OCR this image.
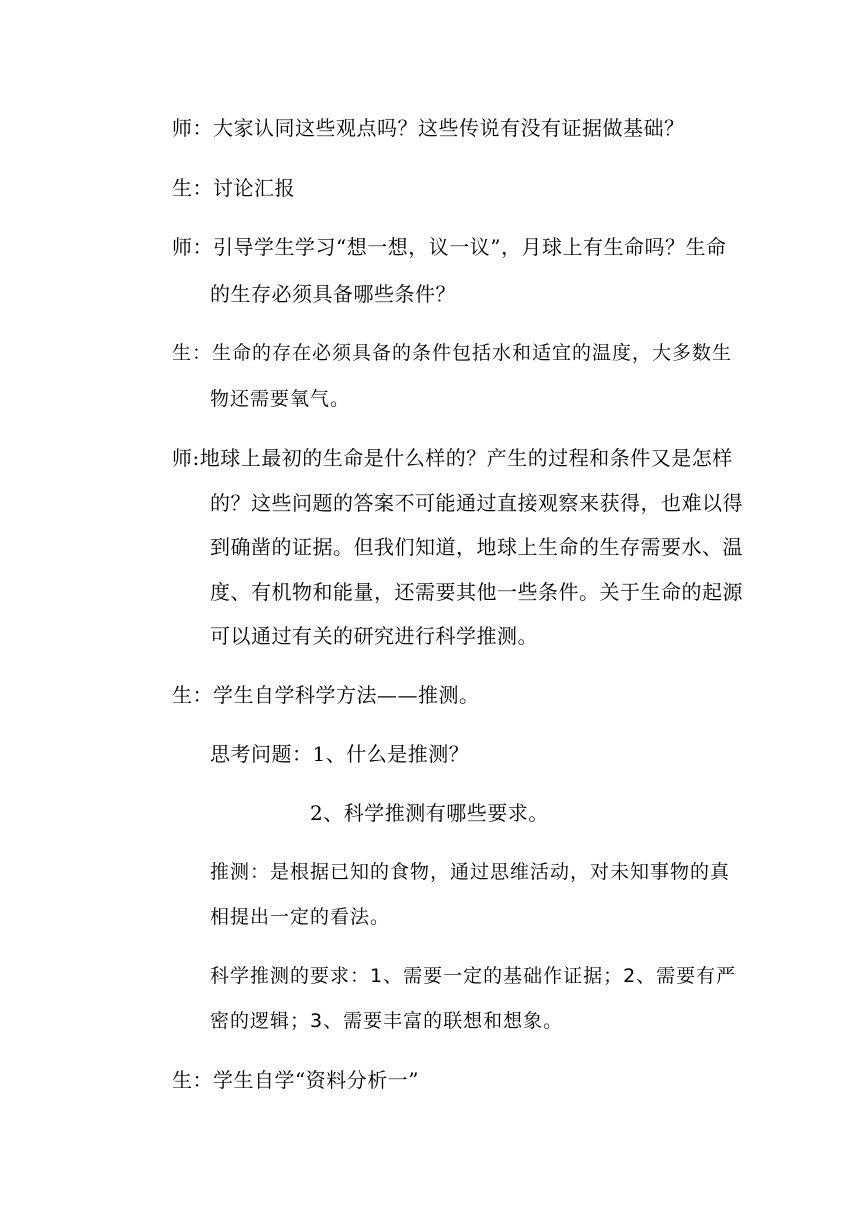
师：大家认同这些观点吗？这些传说有没有证据做基础？
生：讨论汇报
师：引导学生学习“想一想，议一议”，月球上有生命吗？生命
的生存必须具备哪些条件？
生：生命的存在必须具备的条件包括水和适宜的温度，大多数生
物还需要氧气。
师:地球上最初的生命是什么样的？产生的过程和条件又是怎样
的？这些问题的答案不可能通过直接观察来获得，也难以得
到确凿的证据。但我们知道，地球上生命的生存需要水、温
度、有机物和能量，还需要其他一些条件。关于生命的起源
可以通过有关的研究进行科学推测。
生：学生自学科学方法——推测。
思考问题：1、什么是推测？
2、科学推测有哪些要求。
推测：是根据已知的食物，通过思维活动，对未知事物的真
相提出一定的看法。
科学推测的要求：1、需要一定的基础作证据；2、需要有严
密的逻辑；3、需要丰富的联想和想象。
生：学生自学“资料分析一”
